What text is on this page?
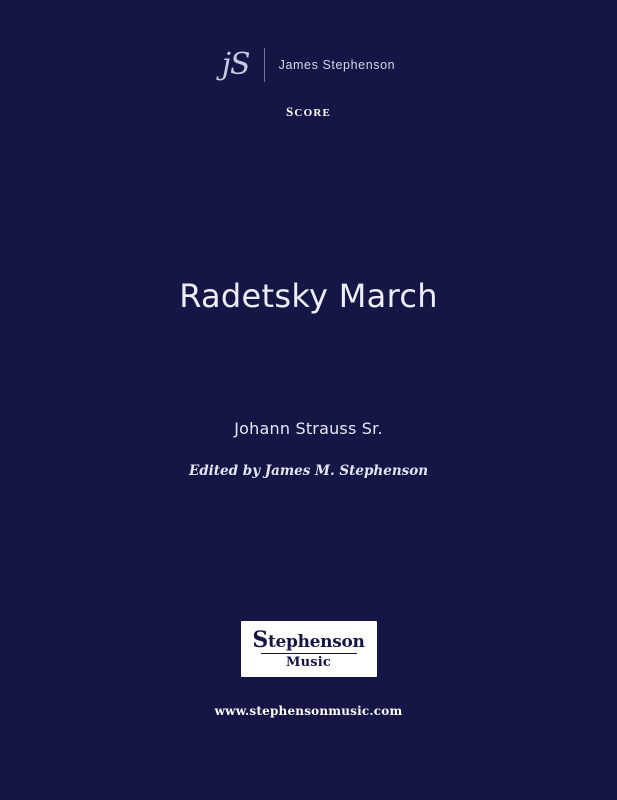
jS	James Stephenson
SCORE
Radetsky March
Johann Strauss Sr.
Edited by James M. Stephenson
Stephenson
Music
www.stephensonmusic.com
